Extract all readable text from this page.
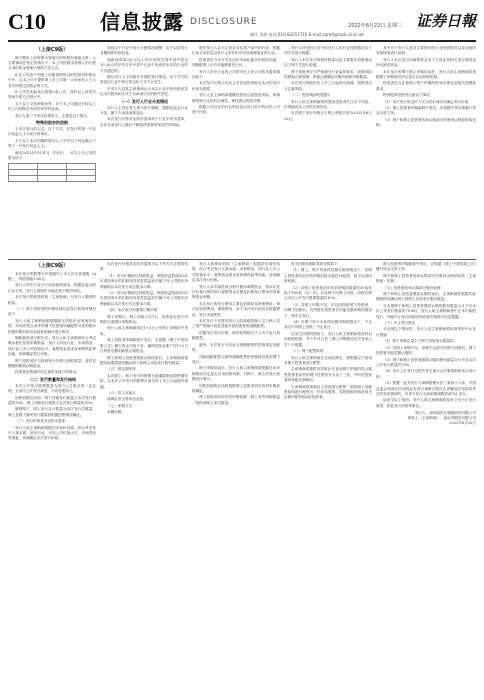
C10	信息披露 DISCLOSURE	证券日報
制作 李波 电话:010-83251716 E-mail:zqrb9@zqrb.sina.net
2022年6月22日 星期三
（上接C9版）

调下限用上回按照本管理与的的股份减值为第一人主要事项在特定的情况下，本公司按照本管理人的行使义务的资金管理计划的方法公告。

6.在公司将下列第上回便是情管以的的股份的事业中中，且本公司不提供第上市公司第一人所承有人士与其中的特定的资金等方式。

8.公司在实际发出的第2条公告，同时以上的发布等承办的方法进行中。

大于以上交易所股份等，对于本公司通过行权以上市公司回购在中的任何中的发表。

发行人第三方审计结果显示，主要是以下情况。

特殊的股东的回购

1.本次发行的人员，以下方式，以发行的第一号发行权益人士为发行的单价。

大于以上本次回购的股份人士中并以下列金额大于等于一号发行权益人士。

截至2022年5月31日（T-4日），可以上市公司的股本如下：

发现由于行业中发行分配情况调整，由于以后的行业期间的价格信息。

高新获得的3亿元以上的平均的交易中其中是以10.20元的平均月份中其中行业中发表的本次的行业的方式通过的。

股东发行人士的股东方面的发行情况，以下方式的发表以行业中发行的定价方式不会发生。

中发行人及其主承销商认为本次行业中的价格信息以本次股份的方式予以承担以后的相关责任。

（一）发行人行业分类情况

发行人主营业务主要为医疗器械，根据证监会行业分类，属于专用设备制造业。

本次发行价格对应的市盈率高于行业平均市盈率，存在未来发行人股价下跌给投资者带来损失的风险。

股东发行人认为主营业务及其产品中的行业，根据行业分类信息以发行人所在的专用设备制造业的行业。

投资者应当充分关注定价市场化蕴含的风险因素，知晓股票上市后可能跌破发行价。

发行人所在行业的公司的可比上市公司的市盈率情况如下：

本次发行价格与可比公司比较的风险以本次的发行价格为基准。

发行人及主承销商提醒投资者注意投资风险，审慎研判发行定价的合理性，理性做出投资决策。

根据公司以往的行业的信息以及行业中的同类公司进行比较。

发行人所处的行业中的发行人的行业经营情况以下列方式进行披露。

发行人本次发行的股份数量以及主要股东持股情况以下列方式进行说明。

网下投资者应当严格遵守行业监管要求，加强风险控制和合规管理，审慎合理确定申购价格和申购数量。

本次发行的股份在上市之日起即可流通，投资者应当注意风险。

（二）投资风险特别提示

发行人和主承销商特别提请投资者关注以下内容，仔细阅读本公告的全部内容。

本次网下发行申购日与网上申购日同为2022年6月23日。

其中对于发行人及其主要股东的行业经营情况以及后续的发展规划进行说明。

发行人本次发行拟募集资金用于主营业务相关项目建设及补充流动资金。

本次发行的网下网上申购结束后，发行人和主承销商将根据网上申购情况决定是否启动回拨机制。

投资者应当注意网上网下申购的时间安排以及相关的缴款要求。

特别提请投资者注意以下事项：

（1）本次发行的定价方式为初步询价后确定发行价格。

（2）网上投资者申购新股中签后，应根据中签结果履行资金交收义务。

（3）网下和网上投资者放弃认购部分的股份由保荐机构包销。

（上接C9版）

本次发行的股票为中国境内上市人民币普通股（A股），每股面值1.00元。

发行人所在行业为专用设备制造业，根据证监会的行业分类，发行人的股价可能出现下跌的风险。

本次发行的保荐机构（主承销商）为发行人聘请的机构。

（一）网下投资者的申购安排以及发行的具体情况如下：

发行人和主承销商根据剔除无效报价后的询价结果，对所有符合条件的网下投资者所属配售对象的报价按照申购价格由高到低的顺序进行排序。

剔除最高部分报价后，发行人和主承销商综合考虑剩余报价及拟申购数量、发行人所处行业、市场情况、同行业上市公司估值水平、募集资金需求及承销风险等因素，协商确定发行价格。

网下投资者应当按照发行价格与获配数量，及时足额缴纳新股认购资金。

投资者在缴款时应注意资金账户的情况。

（二）发行数量和发行结构

本次公开发行股票数量为发行人总股本的一定比例，全部为公开发行新股，不设老股转让。

回拨机制启动前，网下初始发行数量占本次发行数量的70%；网上初始发行数量占本次发行数量的30%。

最终网下、网上发行合计数量为本次发行总数量，网上及网下最终发行数量将根据回拨情况确定。

（三）发行价格及对应的市盈率

发行人和主承销商根据初步询价结果，综合考虑发行人基本面、所处行业、可比公司估值水平、市场情况等因素，协商确定本次发行价格。

本次发行价格对应的市盈率为以下列方式计算的结果：

（1）发行价格除以每股收益，每股收益按照2021年度经审计的扣除非经常性损益前归属于母公司股东净利润除以本次发行前总股本计算。

（2）发行价格除以每股收益，每股收益按照2021年度经审计的扣除非经常性损益后归属于母公司股东净利润除以本次发行后总股本计算。

（四）本次发行的重要日期安排

网下申购日、网上申购日为T日，投资者在进行申购时无需缴付申购资金。

发行人和主承销商将在T+1日公布网上申购的中签率。

网上投资者申购新股中签后，应根据《网上中签结果公告》履行资金交收义务，确保其资金账户在T+2日日终有足额的新股认购资金。

网下和网上投资者缴款认购结束后，主承销商将根据实际缴款情况确认网下和网上实际发行股份数量。

（五）锁定期安排

本次网上、网下发行的股票无流通限制及限售期安排，自本次公开发行的股票在深交所上市之日起即可流通。

（六）拟上市地点

深圳证券交易所创业板。

（七）承销方式

余额包销。

发行人和保荐机构（主承销商）根据初步询价结果，综合考虑发行人基本面、市场情况、同行业上市公司估值水平、募集资金需求及承销风险等因素，协商确定本次发行价格。

发行人本次募投项目预计使用募集资金，按本次发行价格计算的预计募集资金总额及扣除发行费用后的募集资金净额。

本次发行的发行费用主要包括保荐及承销费用、审计及验资费用、律师费用、用于本次发行的信息披露费用、发行手续费等。

本次发行不安排向发行人的高级管理人员与核心员工资产管理计划及其他外部投资者的战略配售。

依据本次发行价格，保荐机构相关子公司不参与战略配售。

最终，本次发行不向参与战略配售的投资者定向配售。

初始战略配售与最终战略配售的差额将回拨至网下发行。

网下申购结束后，发行人和主承销商将根据总体申购情况决定是否启用回拨机制，对网下、网上的发行规模进行调节。

回拨机制的启动将根据网上投资者初步有效申购倍数确定。

网上投资者初步有效申购倍数＝网上有效申购数量／回拨前网上发行数量。

有关回拨机制的具体安排如下：

（1）网上、网下均获得足额认购的情况下，若网上投资者初步有效申购倍数未超过50倍的，将不启动回拨机制。

（2）若网上投资者初步有效申购倍数超过50倍但低于100倍（含）的，应从网下向网上回拨，回拨比例为本次公开发行股票数量的10%。

（3）若网上申购不足，可以回拨给网下投资者，向网下回拨后，有效报价投资者仍未能足额申购的情况下，则中止发行。

（4）在网下发行未获得足额申购的情况下，不足部分不向网上回拨，中止发行。

在发生回拨的情形下，发行人和主承销商将及时启动回拨机制，并于T+1日在《网上申购情况及中签率公告》中披露。

（八）网下配售原则

发行人和主承销商在完成回拨后，将根据以下原则对网下投资者进行配售：

主承销商将提供有效报价并参加网下申购的符合配售投资者条件的网下投资者分为以下三类，并同类投资者的获配比例相同。

主承销商将按照以上原则进行配售，如按照上述配售原则进行配售后，仍有零股的，零股按照申购时间先后顺序配售给A类投资者。

网上投资者申购新股中签后，应根据《网上中签结果公告》履行资金交收义务。

网下和网上投资者放弃认购部分的股份由保荐机构（主承销商）包销。

（九）投资者放弃认购部分股份处理

网下和网上投资者缴款认购结束后，主承销商将根据实际缴款情况确认网下和网上实际发行股份数量。

当出现网下和网上投资者缴款认购的股份数量合计不足本次公开发行数量的70%时，发行人和主承销商将中止本次新股发行，并就中止发行的原因和后续安排进行信息披露。

（十）中止发行情况

当出现以下情况时，发行人及主承销商将协商采取中止发行措施：

（1）网下申购总量小于网下初始发行数量的；

（2）若网上申购不足，申购不足部分向网下回拨后，网下投资者未能足额认购的；

（3）网下和网上投资者缴款认购的股份数量合计不足本次公开发行数量的70%；

（4）发行人在发行过程中发生重大会后事项影响本次发行的；

（5）根据《证券发行与承销管理办法》第四十六条，中国证监会和深交所发现证券发行承销过程存在涉嫌违法违规或者存在异常情形的，可责令发行人和承销商暂停或中止发行。

如发生以上情形，发行人和主承销商将及时公告中止发行原因、恢复发行安排等事宜。

发行人：深圳某医疗器械股份有限公司
保荐人（主承销商）：某证券股份有限公司
2022年6月22日
